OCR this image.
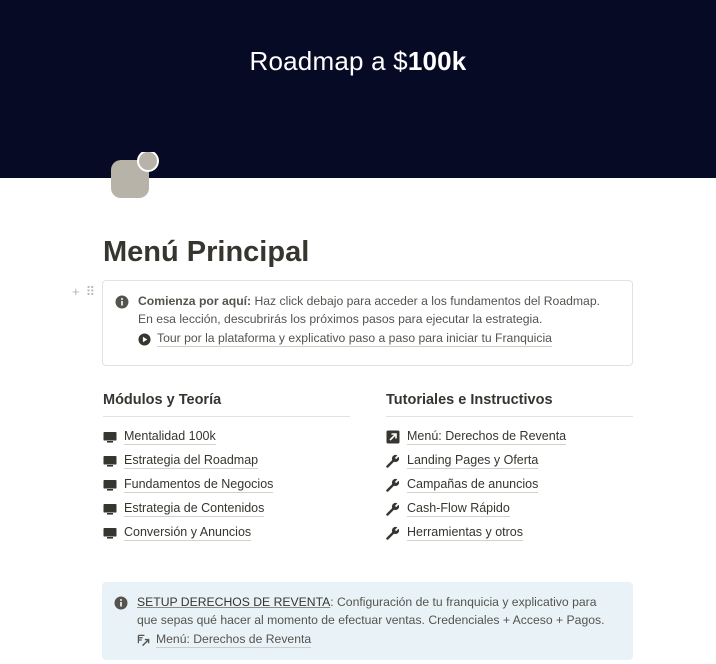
Roadmap a $100k
Menú Principal
+ ⠿
Comienza por aquí: Haz click debajo para acceder a los fundamentos del Roadmap. En esa lección, descubrirás los próximos pasos para ejecutar la estrategia.
Tour por la plataforma y explicativo paso a paso para iniciar tu Franquicia
Módulos y Teoría
Mentalidad 100k
Estrategia del Roadmap
Fundamentos de Negocios
Estrategia de Contenidos
Conversión y Anuncios
Tutoriales e Instructivos
Menú: Derechos de Reventa
Landing Pages y Oferta
Campañas de anuncios
Cash-Flow Rápido
Herramientas y otros
SETUP DERECHOS DE REVENTA: Configuración de tu franquicia y explicativo para que sepas qué hacer al momento de efectuar ventas. Credenciales + Acceso + Pagos.
Menú: Derechos de Reventa
